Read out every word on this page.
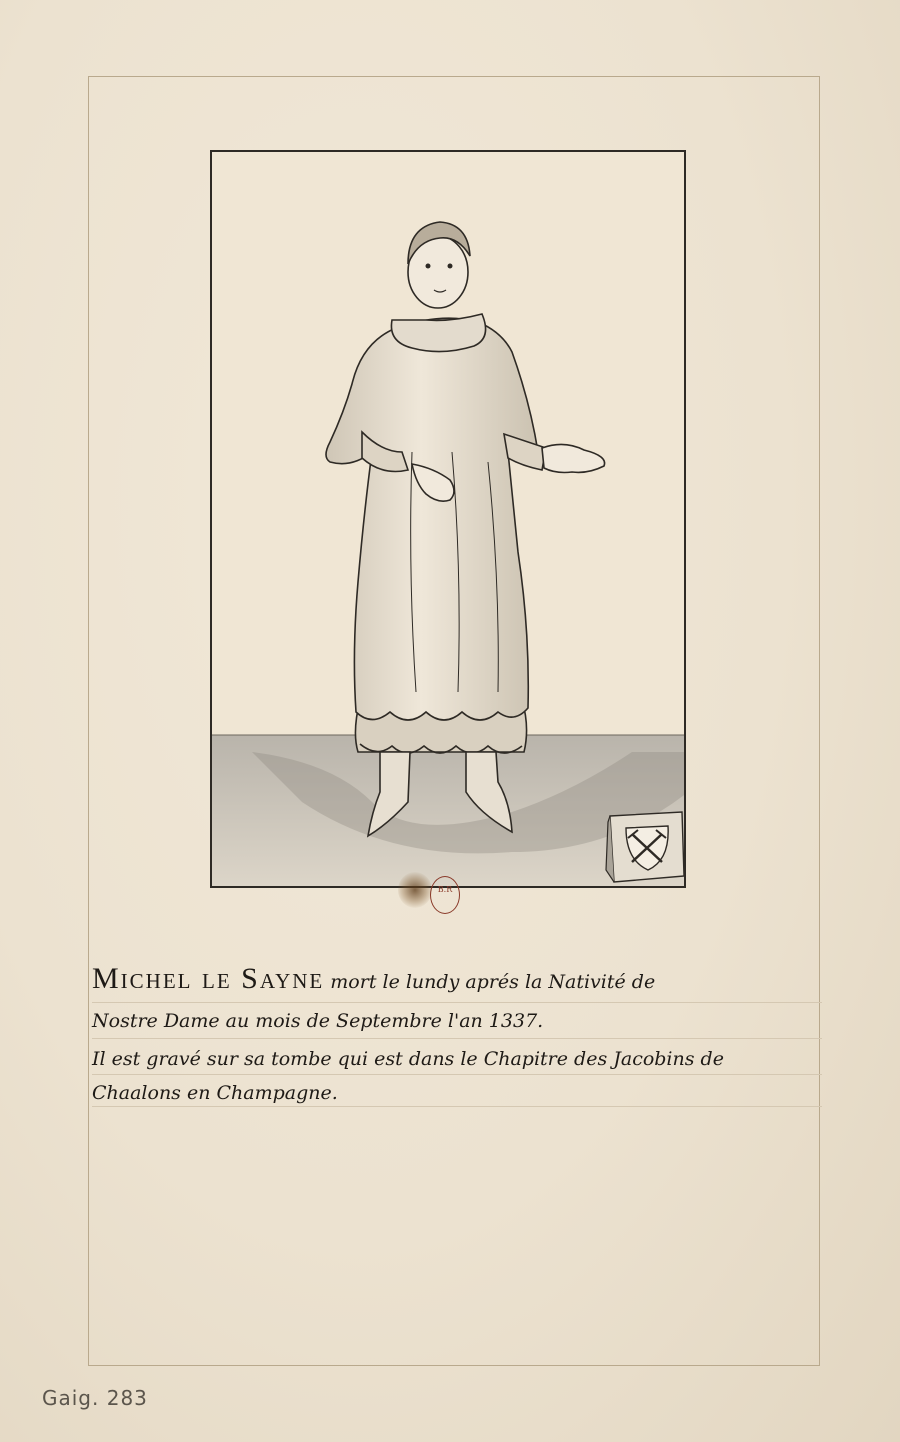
B.R
Michel le Sayne mort le lundy aprés la Nativité de
Nostre Dame au mois de Septembre l'an 1337.
Il est gravé sur sa tombe qui est dans le Chapitre des Jacobins de
Chaalons en Champagne.
Gaig. 283
